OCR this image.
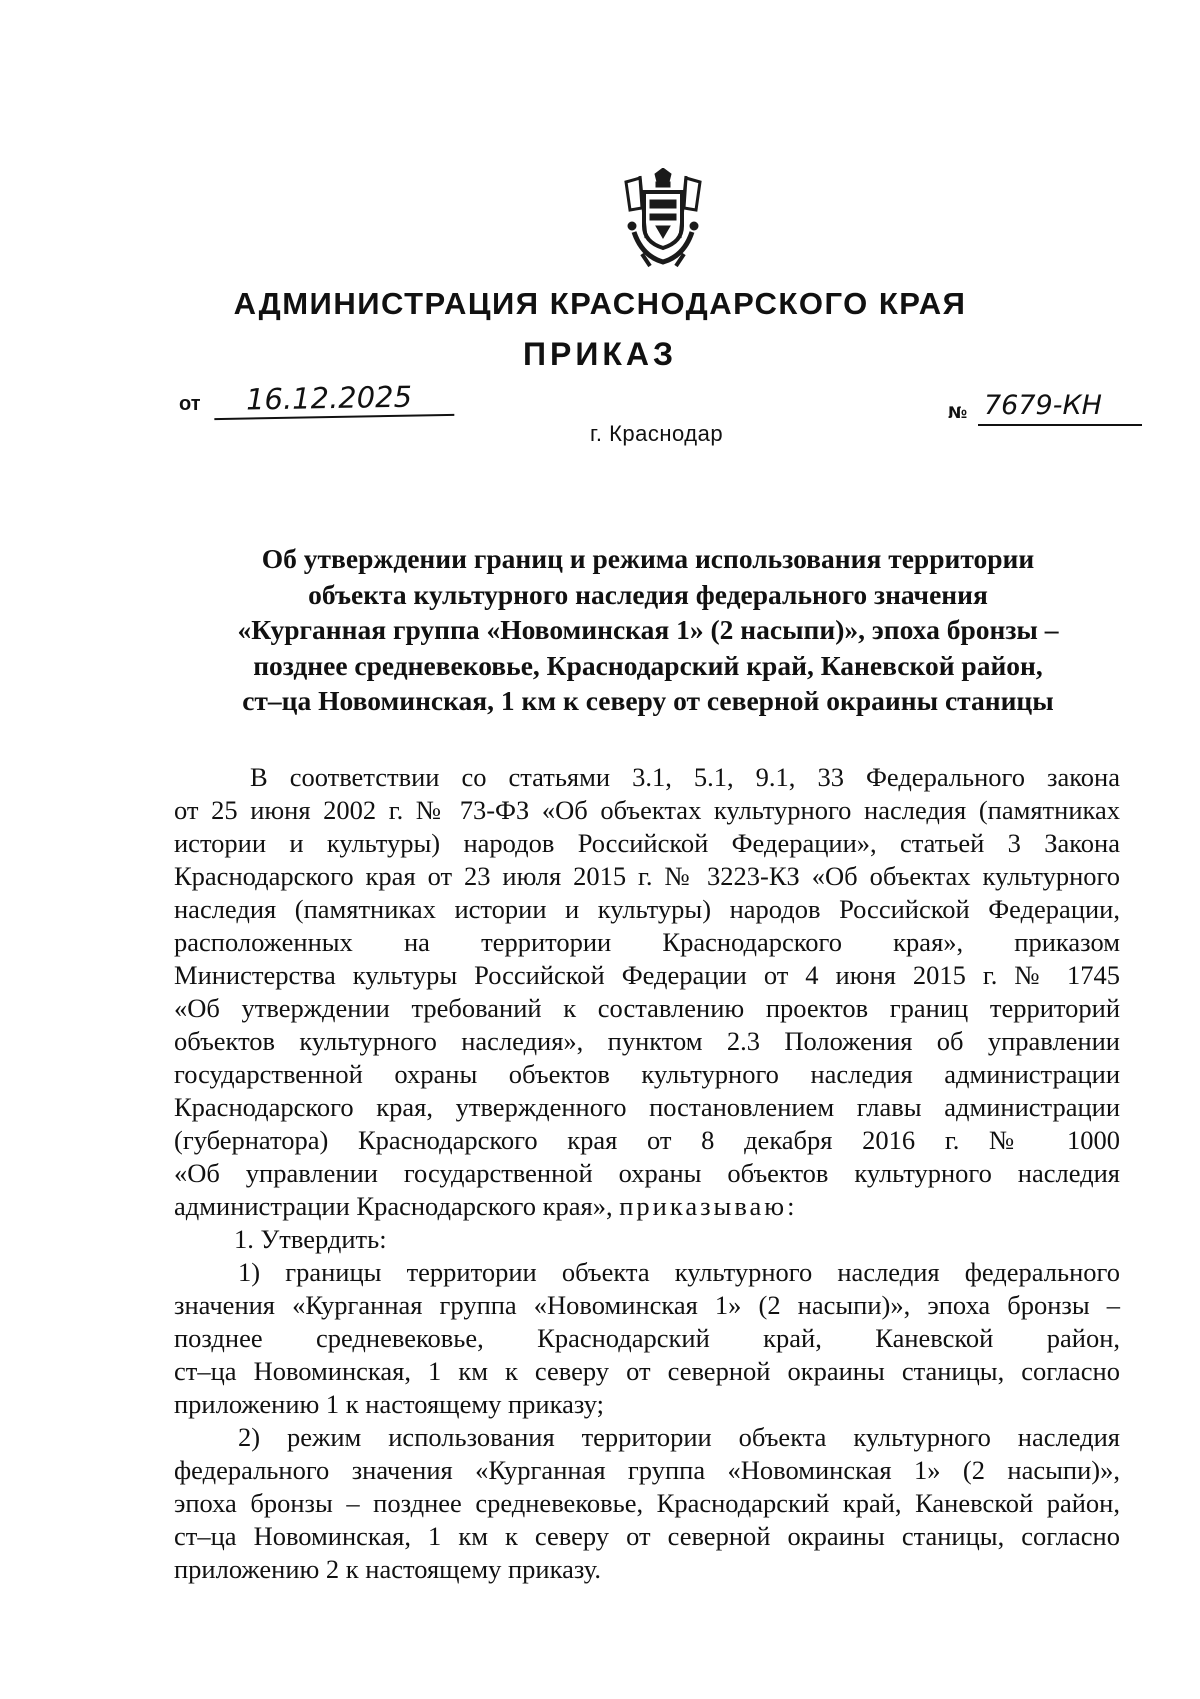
АДМИНИСТРАЦИЯ КРАСНОДАРСКОГО КРАЯ
ПРИКАЗ
от	16.12.2025
г. Краснодар
№ 7679-КН
Об утверждении границ и режима использования территории
объекта культурного наследия федерального значения
«Курганная группа «Новоминская 1» (2 насыпи)», эпоха бронзы –
позднее средневековье, Краснодарский край, Каневской район,
ст–ца Новоминская, 1 км к северу от северной окраины станицы
В соответствии со статьями 3.1, 5.1, 9.1, 33 Федерального закона
от 25 июня 2002 г. № 73-ФЗ «Об объектах культурного наследия (памятниках
истории и культуры) народов Российской Федерации», статьей 3 Закона
Краснодарского края от 23 июля 2015 г. № 3223-КЗ «Об объектах культурного
наследия (памятниках истории и культуры) народов Российской Федерации,
расположенных на территории Краснодарского края», приказом
Министерства культуры Российской Федерации от 4 июня 2015 г. № 1745
«Об утверждении требований к составлению проектов границ территорий
объектов культурного наследия», пунктом 2.3 Положения об управлении
государственной охраны объектов культурного наследия администрации
Краснодарского края, утвержденного постановлением главы администрации
(губернатора) Краснодарского края от 8 декабря 2016 г. № 1000
«Об управлении государственной охраны объектов культурного наследия
администрации Краснодарского края», приказываю:
1. Утвердить:
1) границы территории объекта культурного наследия федерального
значения «Курганная группа «Новоминская 1» (2 насыпи)», эпоха бронзы –
позднее средневековье, Краснодарский край, Каневской район,
ст–ца Новоминская, 1 км к северу от северной окраины станицы, согласно
приложению 1 к настоящему приказу;
2) режим использования территории объекта культурного наследия
федерального значения «Курганная группа «Новоминская 1» (2 насыпи)»,
эпоха бронзы – позднее средневековье, Краснодарский край, Каневской район,
ст–ца Новоминская, 1 км к северу от северной окраины станицы, согласно
приложению 2 к настоящему приказу.
